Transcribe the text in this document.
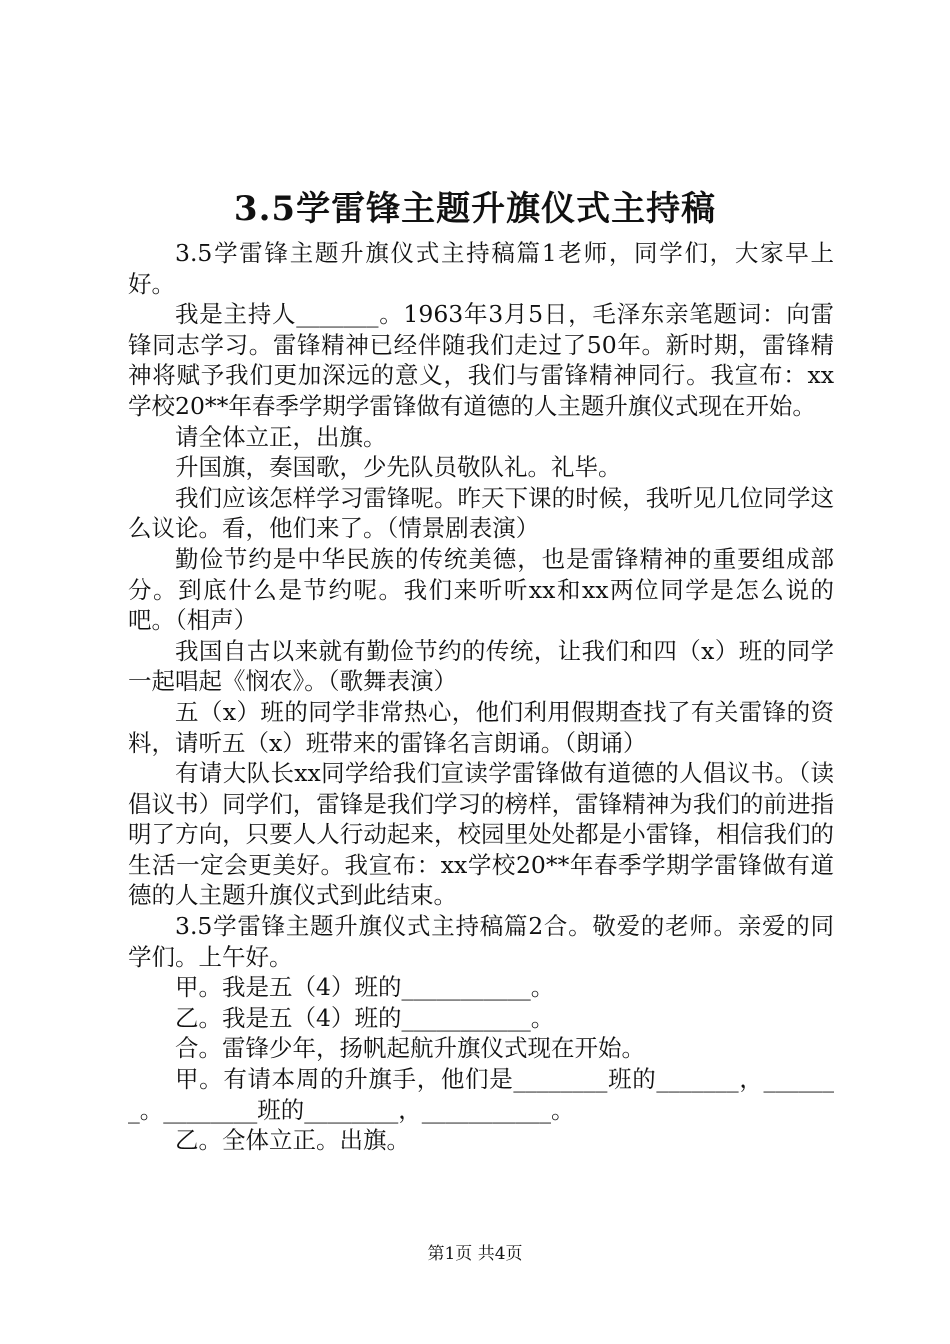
3.5学雷锋主题升旗仪式主持稿

3.5学雷锋主题升旗仪式主持稿篇1老师，同学们，大家早上好。

我是主持人_______。1963年3月5日，毛泽东亲笔题词：向雷锋同志学习。雷锋精神已经伴随我们走过了50年。新时期，雷锋精神将赋予我们更加深远的意义，我们与雷锋精神同行。我宣布：xx学校20**年春季学期学雷锋做有道德的人主题升旗仪式现在开始。

请全体立正，出旗。

升国旗，奏国歌，少先队员敬队礼。礼毕。

我们应该怎样学习雷锋呢。昨天下课的时候，我听见几位同学这么议论。看，他们来了。（情景剧表演）

勤俭节约是中华民族的传统美德，也是雷锋精神的重要组成部分。到底什么是节约呢。我们来听听xx和xx两位同学是怎么说的吧。（相声）

我国自古以来就有勤俭节约的传统，让我们和四（x）班的同学一起唱起《悯农》。（歌舞表演）

五（x）班的同学非常热心，他们利用假期查找了有关雷锋的资料，请听五（x）班带来的雷锋名言朗诵。（朗诵）

有请大队长xx同学给我们宣读学雷锋做有道德的人倡议书。（读倡议书）同学们，雷锋是我们学习的榜样，雷锋精神为我们的前进指明了方向，只要人人行动起来，校园里处处都是小雷锋，相信我们的生活一定会更美好。我宣布：xx学校20**年春季学期学雷锋做有道德的人主题升旗仪式到此结束。

3.5学雷锋主题升旗仪式主持稿篇2合。敬爱的老师。亲爱的同学们。上午好。

甲。我是五（4）班的___________。

乙。我是五（4）班的___________。

合。雷锋少年，扬帆起航升旗仪式现在开始。

甲。有请本周的升旗手，他们是________班的_______，_______。________班的________，___________。

乙。全体立正。出旗。

第1页 共4页
